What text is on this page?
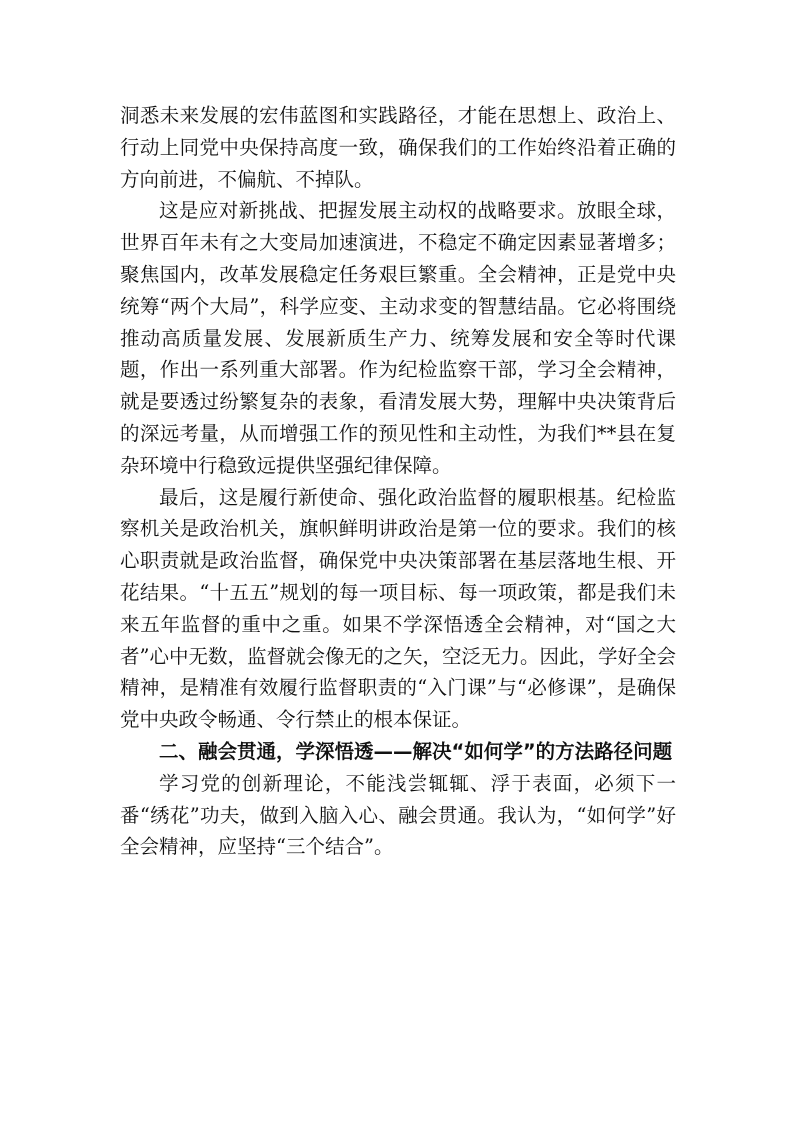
洞悉未来发展的宏伟蓝图和实践路径，才能在思想上、政治上、行动上同党中央保持高度一致，确保我们的工作始终沿着正确的方向前进，不偏航、不掉队。

这是应对新挑战、把握发展主动权的战略要求。放眼全球，世界百年未有之大变局加速演进，不稳定不确定因素显著增多；聚焦国内，改革发展稳定任务艰巨繁重。全会精神，正是党中央统筹“两个大局”，科学应变、主动求变的智慧结晶。它必将围绕推动高质量发展、发展新质生产力、统筹发展和安全等时代课题，作出一系列重大部署。作为纪检监察干部，学习全会精神，就是要透过纷繁复杂的表象，看清发展大势，理解中央决策背后的深远考量，从而增强工作的预见性和主动性，为我们**县在复杂环境中行稳致远提供坚强纪律保障。

最后，这是履行新使命、强化政治监督的履职根基。纪检监察机关是政治机关，旗帜鲜明讲政治是第一位的要求。我们的核心职责就是政治监督，确保党中央决策部署在基层落地生根、开花结果。“十五五”规划的每一项目标、每一项政策，都是我们未来五年监督的重中之重。如果不学深悟透全会精神，对“国之大者”心中无数，监督就会像无的之矢，空泛无力。因此，学好全会精神，是精准有效履行监督职责的“入门课”与“必修课”，是确保党中央政令畅通、令行禁止的根本保证。

二、融会贯通，学深悟透——解决“如何学”的方法路径问题

学习党的创新理论，不能浅尝辄辄、浮于表面，必须下一番“绣花”功夫，做到入脑入心、融会贯通。我认为，“如何学”好全会精神，应坚持“三个结合”。
